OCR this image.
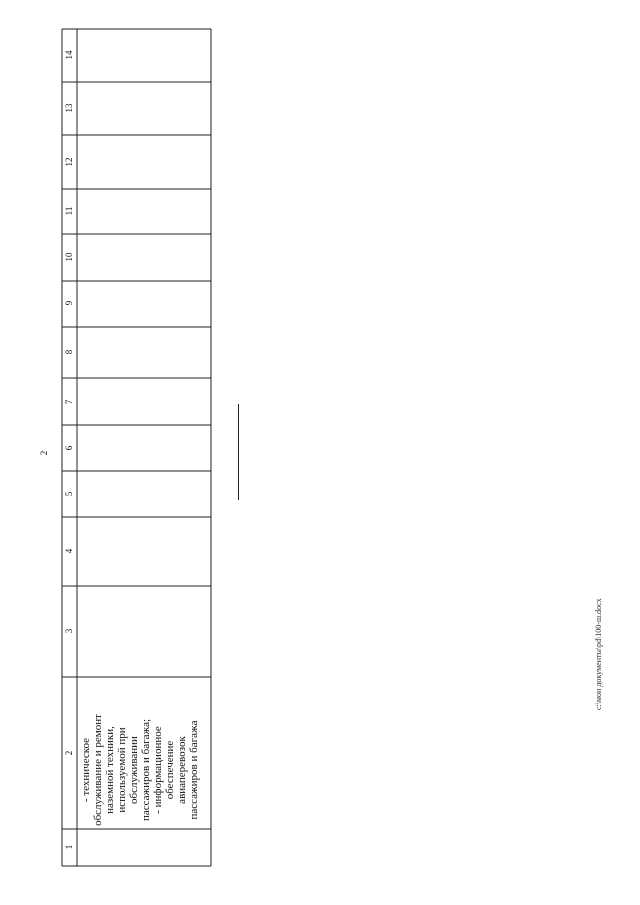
2
1
2
3
4
5
6
7
8
9
10
11
12
13
14
- техническое обслуживание и ремонт наземной техники, используемой при обслуживании пассажиров и багажа; - информационное обеспечение авиаперевозок пассажиров и багажа
c:\мои документы\pd\100-ш.docx
